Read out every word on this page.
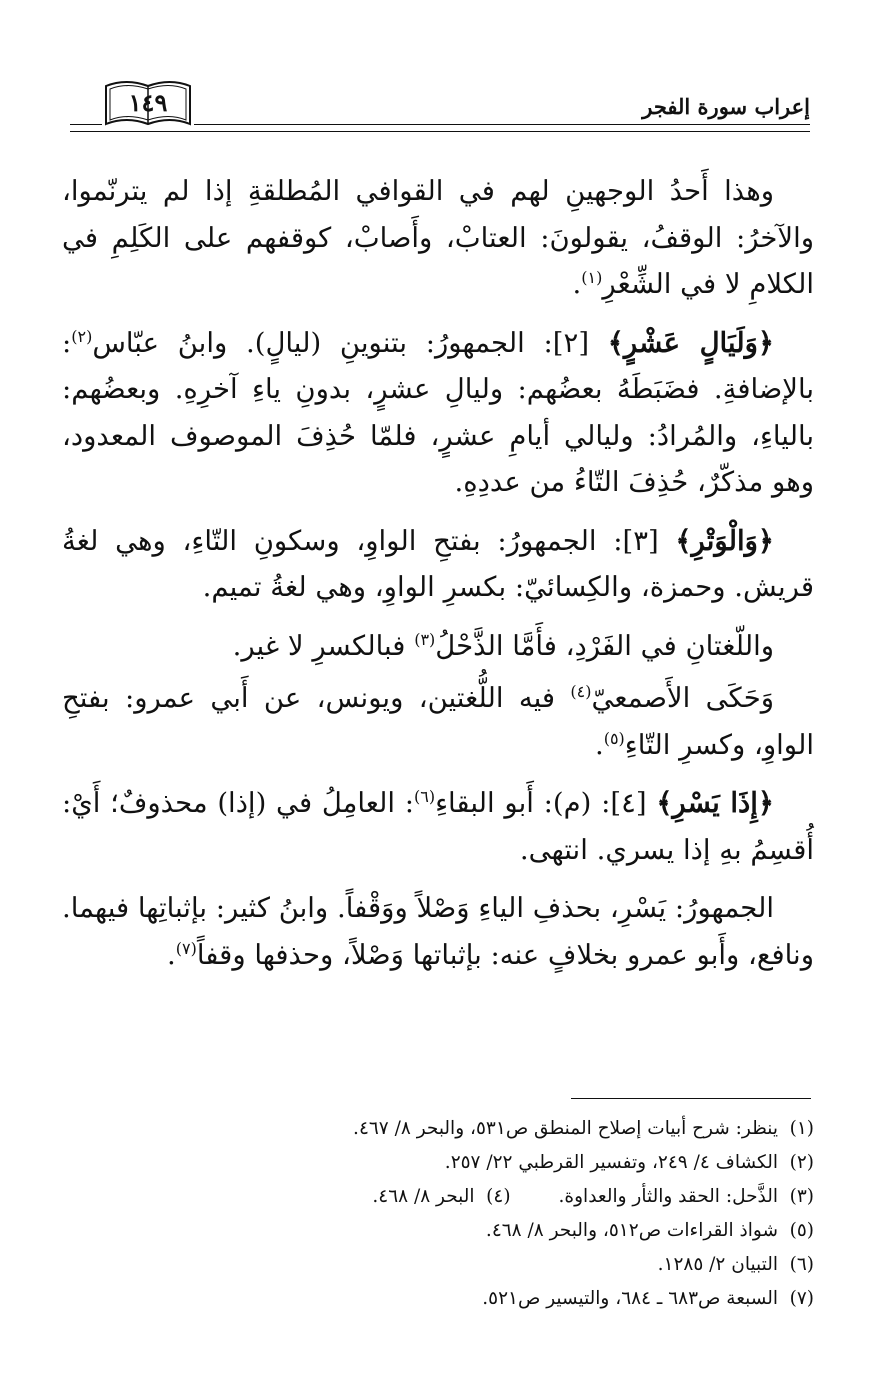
إعراب سورة الفجر
١٤٩

وهذا أَحدُ الوجهينِ لهم في القوافي المُطلقةِ إذا لم يترنّموا، والآخرُ: الوقفُ، يقولونَ: العتابْ، وأَصابْ، كوقفهم على الكَلِمِ في الكلامِ لا في الشِّعْرِ$^{(١)}$.

﴿وَلَيَالٍ عَشْرٍ﴾ [٢]: الجمهورُ: بتنوينِ (ليالٍ). وابنُ عبّاس$^{(٢)}$: بالإضافةِ. فضَبَطَهُ بعضُهم: وليالِ عشرٍ، بدونِ ياءِ آخرِهِ. وبعضُهم: بالياءِ، والمُرادُ: وليالي أيامِ عشرٍ، فلمّا حُذِفَ الموصوف المعدود، وهو مذكّرٌ، حُذِفَ التّاءُ من عددِهِ.

﴿وَالْوَتْرِ﴾ [٣]: الجمهورُ: بفتحِ الواوِ، وسكونِ التّاءِ، وهي لغةُ قريش. وحمزة، والكِسائيّ: بكسرِ الواوِ، وهي لغةُ تميم.

واللّغتانِ في الفَرْدِ، فأَمَّا الذَّحْلُ$^{(٣)}$ فبالكسرِ لا غير.

وَحَكَى الأَصمعيّ$^{(٤)}$ فيه اللُّغتين، ويونس، عن أَبي عمرو: بفتحِ الواوِ، وكسرِ التّاءِ$^{(٥)}$.

﴿إِذَا يَسْرِ﴾ [٤]: (م): أَبو البقاءِ$^{(٦)}$: العامِلُ في (إذا) محذوفٌ؛ أَيْ: أُقسِمُ بهِ إذا يسري. انتهى.

الجمهورُ: يَسْرِ، بحذفِ الياءِ وَصْلاً ووَقْفاً. وابنُ كثير: بإثباتِها فيهما. ونافع، وأَبو عمرو بخلافٍ عنه: بإثباتها وَصْلاً، وحذفها وقفاً$^{(٧)}$.

(١)ينظر: شرح أبيات إصلاح المنطق ص٥٣١، والبحر ٨/ ٤٦٧.
(٢)الكشاف ٤/ ٢٤٩، وتفسير القرطبي ٢٢/ ٢٥٧.
(٣)الذَّحل: الحقد والثأر والعداوة.(٤)البحر ٨/ ٤٦٨.
(٥)شواذ القراءات ص٥١٢، والبحر ٨/ ٤٦٨.
(٦)التبيان ٢/ ١٢٨٥.
(٧)السبعة ص٦٨٣ ـ ٦٨٤، والتيسير ص٥٢١.
